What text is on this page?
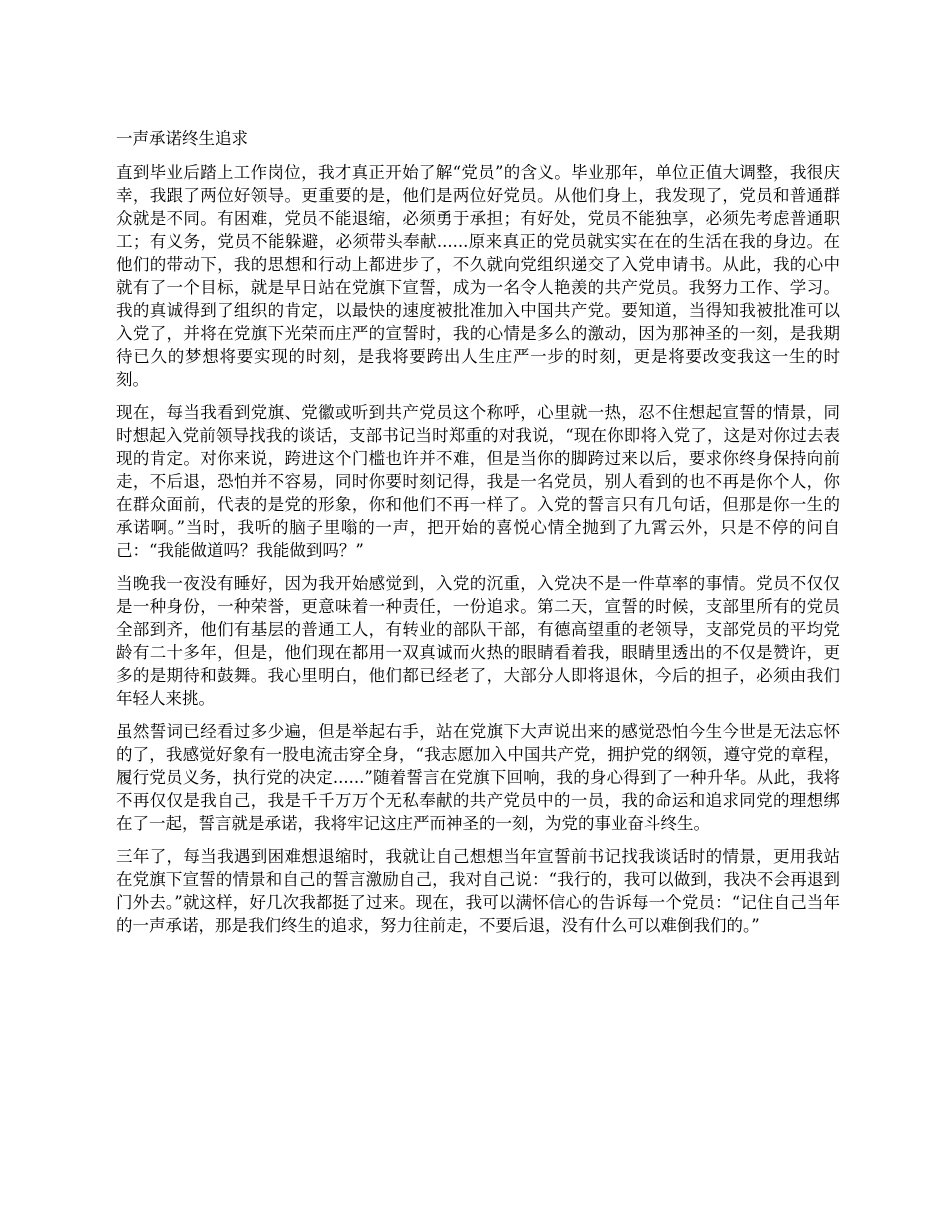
一声承诺终生追求

直到毕业后踏上工作岗位，我才真正开始了解“党员”的含义。毕业那年，单位正值大调整，我很庆幸，我跟了两位好领导。更重要的是，他们是两位好党员。从他们身上，我发现了，党员和普通群众就是不同。有困难，党员不能退缩，必须勇于承担；有好处，党员不能独享，必须先考虑普通职工；有义务，党员不能躲避，必须带头奉献......原来真正的党员就实实在在的生活在我的身边。在他们的带动下，我的思想和行动上都进步了，不久就向党组织递交了入党申请书。从此，我的心中就有了一个目标，就是早日站在党旗下宣誓，成为一名令人艳羡的共产党员。我努力工作、学习。我的真诚得到了组织的肯定，以最快的速度被批准加入中国共产党。要知道，当得知我被批准可以入党了，并将在党旗下光荣而庄严的宣誓时，我的心情是多么的激动，因为那神圣的一刻，是我期待已久的梦想将要实现的时刻，是我将要跨出人生庄严一步的时刻，更是将要改变我这一生的时刻。

现在，每当我看到党旗、党徽或听到共产党员这个称呼，心里就一热，忍不住想起宣誓的情景，同时想起入党前领导找我的谈话，支部书记当时郑重的对我说，“现在你即将入党了，这是对你过去表现的肯定。对你来说，跨进这个门槛也许并不难，但是当你的脚跨过来以后，要求你终身保持向前走，不后退，恐怕并不容易，同时你要时刻记得，我是一名党员，别人看到的也不再是你个人，你在群众面前，代表的是党的形象，你和他们不再一样了。入党的誓言只有几句话，但那是你一生的承诺啊。”当时，我听的脑子里嗡的一声，把开始的喜悦心情全抛到了九霄云外，只是不停的问自己：“我能做道吗？我能做到吗？”

当晚我一夜没有睡好，因为我开始感觉到，入党的沉重，入党决不是一件草率的事情。党员不仅仅是一种身份，一种荣誉，更意味着一种责任，一份追求。第二天，宣誓的时候，支部里所有的党员全部到齐，他们有基层的普通工人，有转业的部队干部，有德高望重的老领导，支部党员的平均党龄有二十多年，但是，他们现在都用一双真诚而火热的眼睛看着我，眼睛里透出的不仅是赞许，更多的是期待和鼓舞。我心里明白，他们都已经老了，大部分人即将退休，今后的担子，必须由我们年轻人来挑。

虽然誓词已经看过多少遍，但是举起右手，站在党旗下大声说出来的感觉恐怕今生今世是无法忘怀的了，我感觉好象有一股电流击穿全身，“我志愿加入中国共产党，拥护党的纲领，遵守党的章程，履行党员义务，执行党的决定......”随着誓言在党旗下回响，我的身心得到了一种升华。从此，我将不再仅仅是我自己，我是千千万万个无私奉献的共产党员中的一员，我的命运和追求同党的理想绑在了一起，誓言就是承诺，我将牢记这庄严而神圣的一刻，为党的事业奋斗终生。

三年了，每当我遇到困难想退缩时，我就让自己想想当年宣誓前书记找我谈话时的情景，更用我站在党旗下宣誓的情景和自己的誓言激励自己，我对自己说：“我行的，我可以做到，我决不会再退到门外去。”就这样，好几次我都挺了过来。现在，我可以满怀信心的告诉每一个党员：“记住自己当年的一声承诺，那是我们终生的追求，努力往前走，不要后退，没有什么可以难倒我们的。”
